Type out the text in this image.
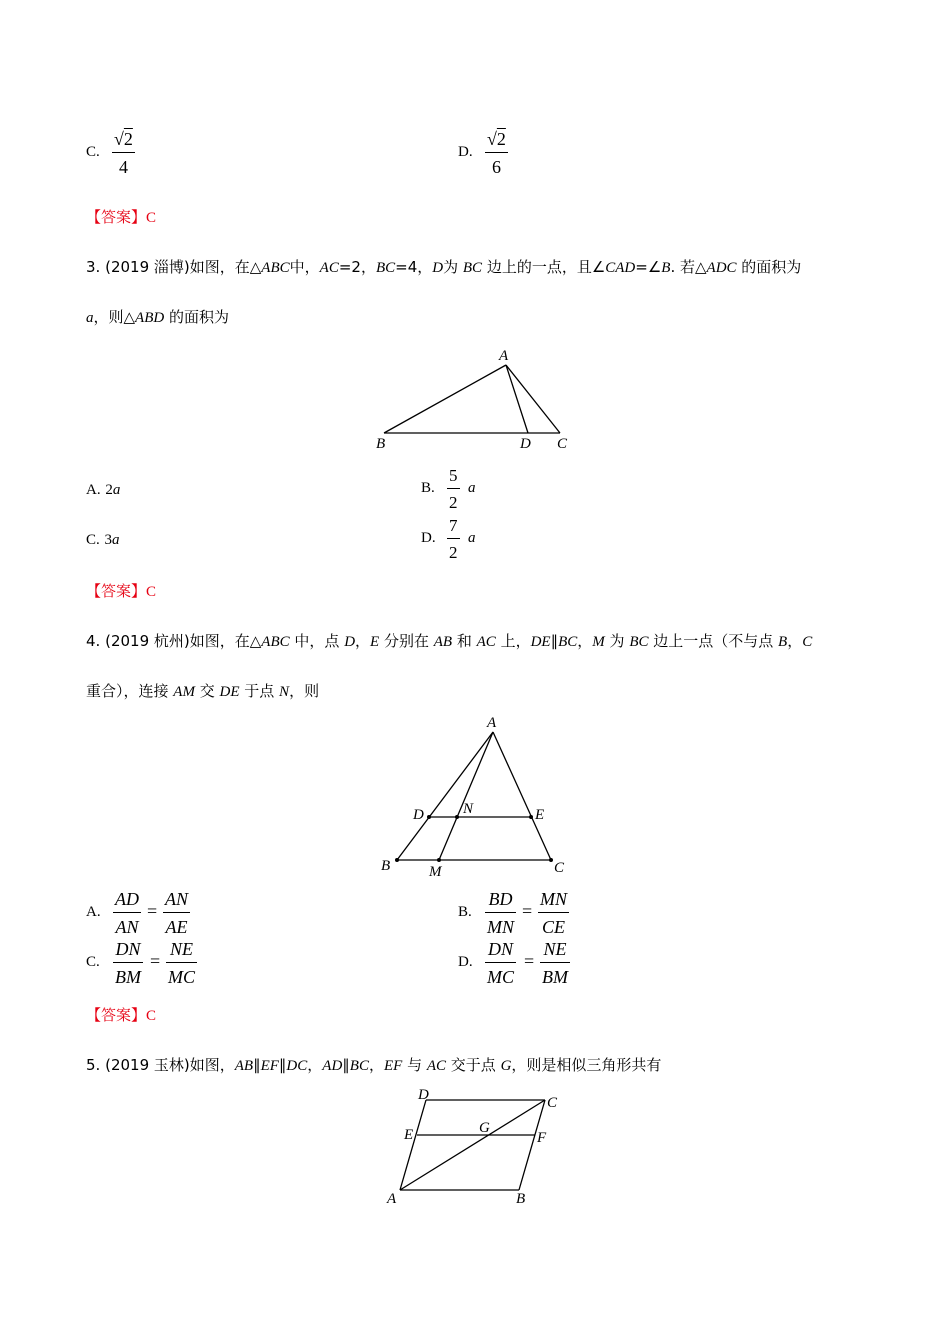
C.
√2
4
D.
√2
6
【答案】C
3. (2019 淄博)如图，在△ABC中，AC=2，BC=4，D为 BC 边上的一点，且∠CAD=∠B. 若△ADC 的面积为
a，则△ABD 的面积为
A
B	D C
A. 2a	B.
5
2
a
C. 3a	D.
7
2
a
【答案】C
4. (2019 杭州)如图，在△ABC 中，点 D，E 分别在 AB 和 AC 上，DE∥BC，M 为 BC 边上一点（不与点 B，C
重合），连接 AM 交 DE 于点 N，则
A
D	N	E
B	M	C
A.
AD
AN
=
AN
AE
B.
BD
MN
=
MN
CE
C.
DN
BM
=
NE
MC
D.
DN
MC
=
NE
BM
【答案】C
5. (2019 玉林)如图，AB∥EF∥DC，AD∥BC，EF 与 AC 交于点 G，则是相似三角形共有
D	C
E	G
F
A	B
